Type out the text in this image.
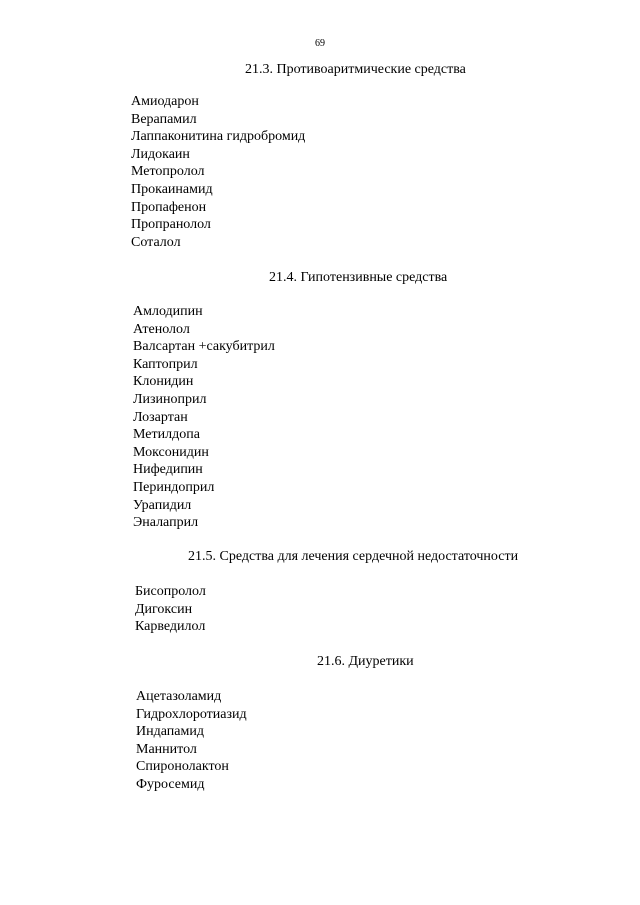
69
21.3. Противоаритмические средства
Амиодарон
Верапамил
Лаппаконитина гидробромид
Лидокаин
Метопролол
Прокаинамид
Пропафенон
Пропранолол
Соталол
21.4. Гипотензивные средства
Амлодипин
Атенолол
Валсартан +сакубитрил
Каптоприл
Клонидин
Лизиноприл
Лозартан
Метилдопа
Моксонидин
Нифедипин
Периндоприл
Урапидил
Эналаприл
21.5. Средства для лечения сердечной недостаточности
Бисопролол
Дигоксин
Карведилол
21.6. Диуретики
Ацетазоламид
Гидрохлоротиазид
Индапамид
Маннитол
Спиронолактон
Фуросемид
